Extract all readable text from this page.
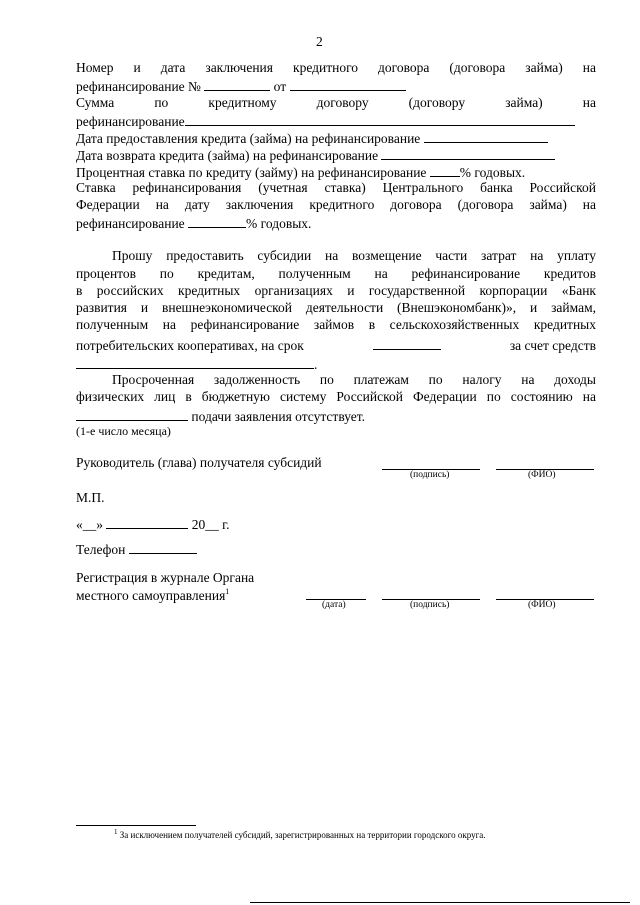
2
Номер и дата заключения кредитного договора (договора займа) на
рефинансирование №	от
Сумма по кредитному договору (договору займа) на
рефинансирование
Дата предоставления кредита (займа) на рефинансирование
Дата возврата кредита (займа) на рефинансирование
Процентная ставка по кредиту (займу) на рефинансирование % годовых.
Ставка рефинансирования (учетная ставка) Центрального банка Российской
Федерации на дату заключения кредитного договора (договора займа) на
рефинансирование	% годовых.
Прошу предоставить субсидии на возмещение части затрат на уплату
процентов по кредитам, полученным на рефинансирование кредитов
в российских кредитных организациях и государственной корпорации «Банк
развития и внешнеэкономической деятельности (Внешэкономбанк)», и займам,
полученным на рефинансирование займов в сельскохозяйственных кредитных
потребительских кооперативах, на срок	за счет средств
.
Просроченная задолженность по платежам по налогу на доходы
физических лиц в бюджетную систему Российской Федерации по состоянию на
подачи заявления отсутствует.
(1-е число месяца)
Руководитель (глава) получателя субсидий
(подпись)	(ФИО)
М.П.
«__»	20__ г.
Телефон
Регистрация в журнале Органа
местного самоуправления$^1$
(дата)	(подпись)	(ФИО)
$^1$ За исключением получателей субсидий, зарегистрированных на территории городского округа.
